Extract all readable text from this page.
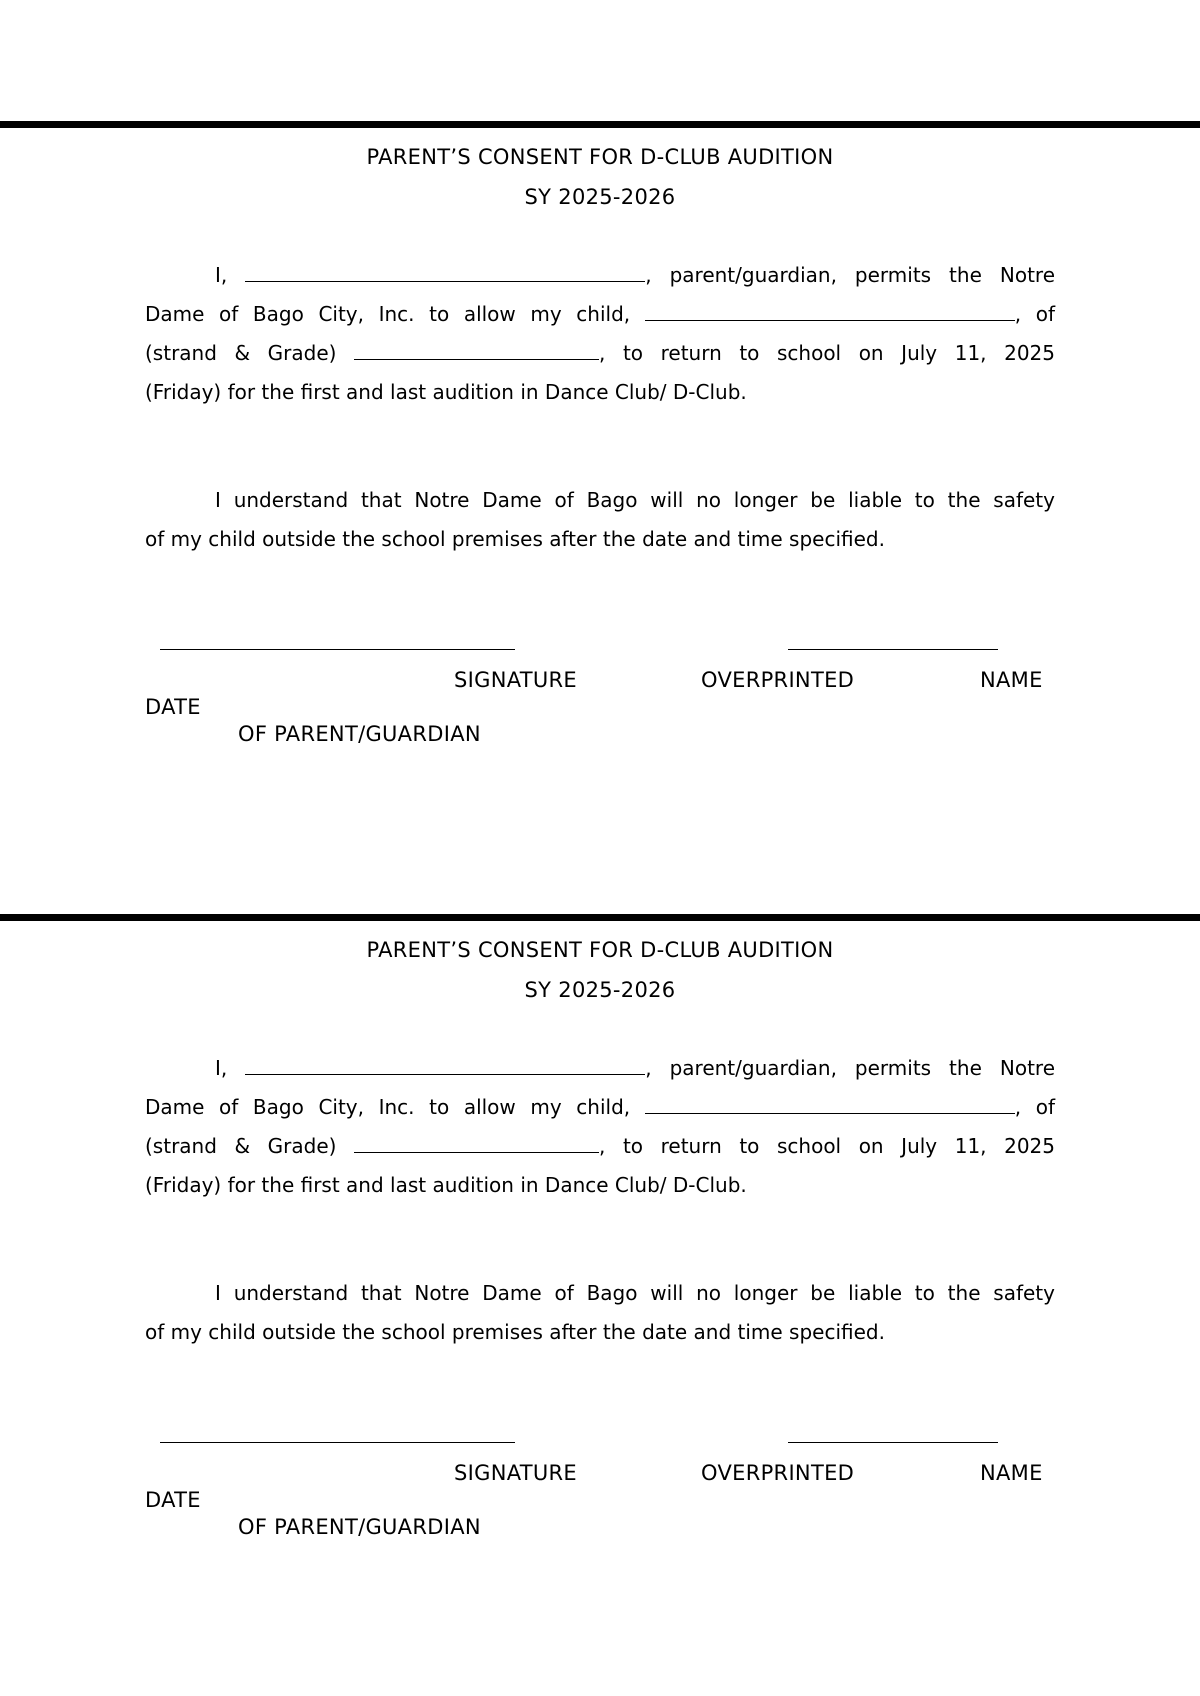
PARENT’S CONSENT FOR D-CLUB AUDITION
SY 2025-2026
I,	, parent/guardian, permits the Notre
Dame of Bago City, Inc. to allow my child,	, of
(strand & Grade)	, to return to school on July 11, 2025
(Friday) for the first and last audition in Dance Club/ D-Club.
I understand that Notre Dame of Bago will no longer be liable to the safety
of my child outside the school premises after the date and time specified.
SIGNATURE	OVERPRINTED	NAME
DATE
OF PARENT/GUARDIAN
PARENT’S CONSENT FOR D-CLUB AUDITION
SY 2025-2026
I,	, parent/guardian, permits the Notre
Dame of Bago City, Inc. to allow my child,	, of
(strand & Grade)	, to return to school on July 11, 2025
(Friday) for the first and last audition in Dance Club/ D-Club.
I understand that Notre Dame of Bago will no longer be liable to the safety
of my child outside the school premises after the date and time specified.
SIGNATURE	OVERPRINTED	NAME
DATE
OF PARENT/GUARDIAN
